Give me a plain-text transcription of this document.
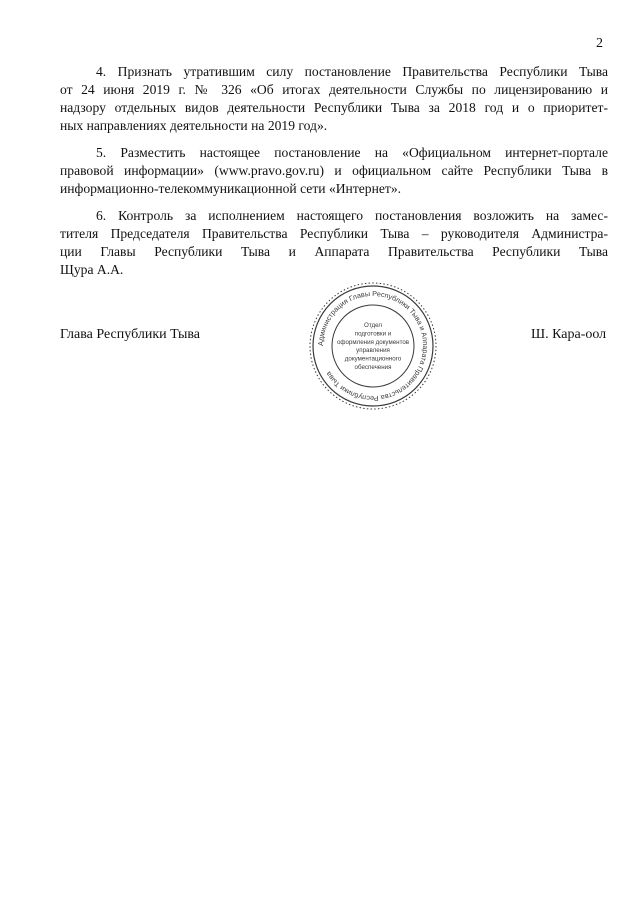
2

4. Признать утратившим силу постановление Правительства Республики Тыва
от 24 июня 2019 г. № 326 «Об итогах деятельности Службы по лицензированию и
надзору отдельных видов деятельности Республики Тыва за 2018 год и о приоритет-
ных направлениях деятельности на 2019 год».

5. Разместить настоящее постановление на «Официальном интернет-портале
правовой информации» (www.pravo.gov.ru) и официальном сайте Республики Тыва в
информационно-телекоммуникационной сети «Интернет».

6. Контроль за исполнением настоящего постановления возложить на замес-
тителя Председателя Правительства Республики Тыва – руководителя Администра-
ции Главы Республики Тыва и Аппарата Правительства Республики Тыва
Щура А.А.

Глава Республики Тыва	Ш. Кара-оол
Администрация Главы Республики Тыва и Аппарата Правительства Республики Тыва
Отдел
подготовки и
оформления документов
управления
документационного
обеспечения
